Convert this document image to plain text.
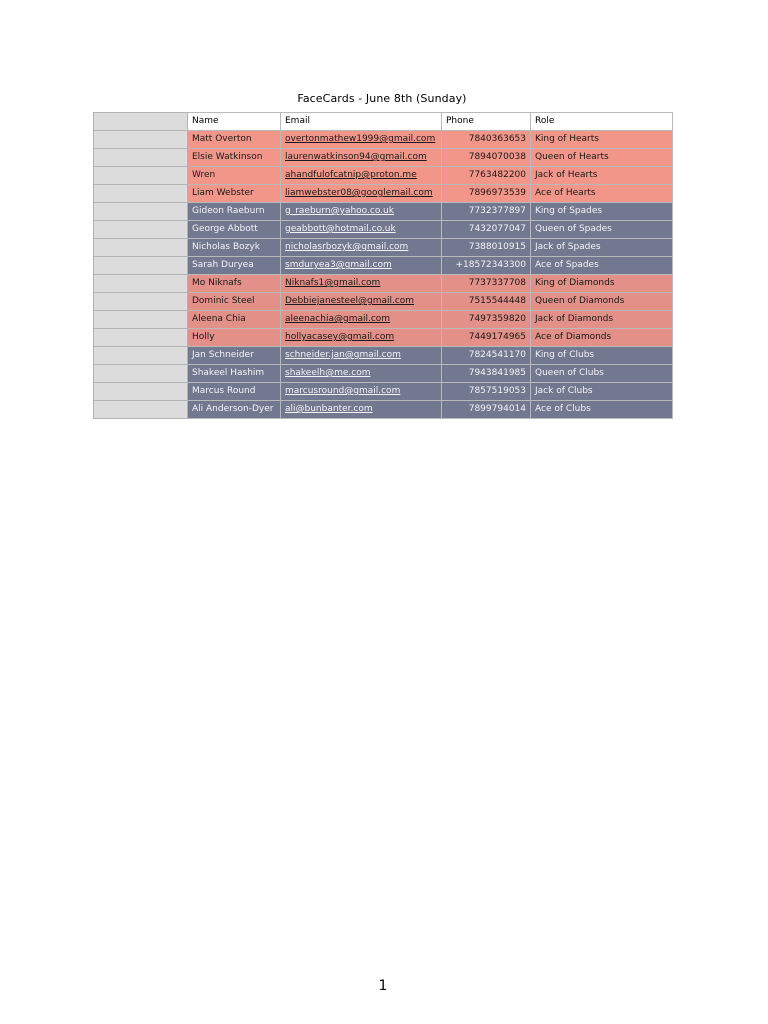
FaceCards - June 8th (Sunday)
	Name	Email	Phone	Role
	Matt Overton	overtonmathew1999@gmail.com	7840363653	King of Hearts
	Elsie Watkinson	laurenwatkinson94@gmail.com	7894070038	Queen of Hearts
	Wren	ahandfulofcatnip@proton.me	7763482200	Jack of Hearts
	Liam Webster	liamwebster08@googlemail.com	7896973539	Ace of Hearts
	Gideon Raeburn	g_raeburn@yahoo.co.uk	7732377897	King of Spades
	George Abbott	geabbott@hotmail.co.uk	7432077047	Queen of Spades
	Nicholas Bozyk	nicholasrbozyk@gmail.com	7388010915	Jack of Spades
	Sarah Duryea	smduryea3@gmail.com	+18572343300	Ace of Spades
	Mo Niknafs	Niknafs1@gmail.com	7737337708	King of Diamonds
	Dominic Steel	Debbiejanesteel@gmail.com	7515544448	Queen of Diamonds
	Aleena Chia	aleenachia@gmail.com	7497359820	Jack of Diamonds
	Holly	hollyacasey@gmail.com	7449174965	Ace of Diamonds
	Jan Schneider	schneider.jan@gmail.com	7824541170	King of Clubs
	Shakeel Hashim	shakeelh@me.com	7943841985	Queen of Clubs
	Marcus Round	marcusround@gmail.com	7857519053	Jack of Clubs
	Ali Anderson-Dyer	ali@bunbanter.com	7899794014	Ace of Clubs
1
